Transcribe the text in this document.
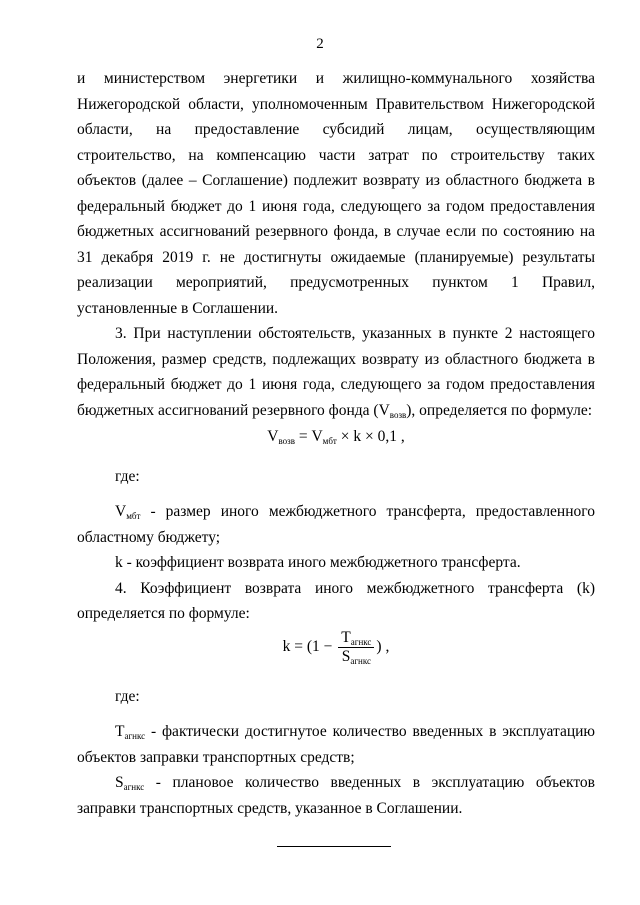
2

и министерством энергетики и жилищно-коммунального хозяйства Нижегородской области, уполномоченным Правительством Нижегородской области, на предоставление субсидий лицам, осуществляющим строительство, на компенсацию части затрат по строительству таких объектов (далее – Соглашение) подлежит возврату из областного бюджета в федеральный бюджет до 1 июня года, следующего за годом предоставления бюджетных ассигнований резервного фонда, в случае если по состоянию на 31 декабря 2019 г. не достигнуты ожидаемые (планируемые) результаты реализации мероприятий, предусмотренных пунктом 1 Правил, установленные в Соглашении.

3. При наступлении обстоятельств, указанных в пункте 2 настоящего Положения, размер средств, подлежащих возврату из областного бюджета в федеральный бюджет до 1 июня года, следующего за годом предоставления бюджетных ассигнований резервного фонда $(V_{возв})$, определяется по формуле:

$V_{возв} = V_{мбт} \times k \times 0,1$ ,

где:

$V_{мбт}$ - размер иного межбюджетного трансферта, предоставленного областному бюджету;

k - коэффициент возврата иного межбюджетного трансферта.

4. Коэффициент возврата иного межбюджетного трансферта (k) определяется по формуле:

$k = (1 - \frac{T_{агнкс}}{S_{агнкс}}$ ) ,

где:

$T_{агнкс}$ - фактически достигнутое количество введенных в эксплуатацию объектов заправки транспортных средств;

$S_{агнкс}$ - плановое количество введенных в эксплуатацию объектов заправки транспортных средств, указанное в Соглашении.
